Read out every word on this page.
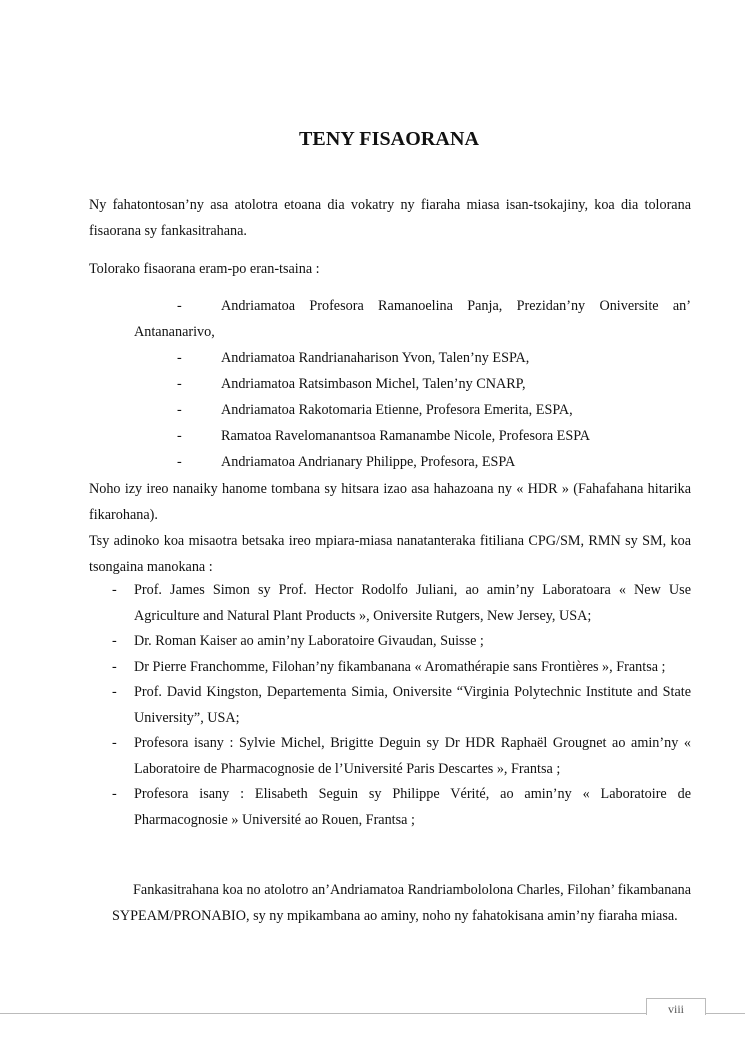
TENY FISAORANA
Ny fahatontosan’ny asa atolotra etoana dia vokatry ny fiaraha miasa isan-tsokajiny, koa dia tolorana fisaorana sy fankasitrahana.
Tolorako fisaorana eram-po eran-tsaina :
-	Andriamatoa Profesora Ramanoelina Panja, Prezidan’ny Oniversite an’
Antananarivo,
-	Andriamatoa Randrianaharison Yvon, Talen’ny ESPA,
-	Andriamatoa Ratsimbason Michel, Talen’ny CNARP,
-	Andriamatoa Rakotomaria Etienne, Profesora Emerita, ESPA,
-	Ramatoa Ravelomanantsoa Ramanambe Nicole, Profesora ESPA
-	Andriamatoa Andrianary Philippe, Profesora, ESPA
Noho izy ireo nanaiky hanome tombana sy hitsara izao asa hahazoana ny « HDR » (Fahafahana hitarika fikarohana).
Tsy adinoko koa misaotra betsaka ireo mpiara-miasa nanatanteraka fitiliana CPG/SM, RMN sy SM, koa tsongaina manokana :
- Prof. James Simon sy Prof. Hector Rodolfo Juliani, ao amin’ny Laboratoara « New Use Agriculture and Natural Plant Products », Oniversite Rutgers, New Jersey, USA;
- Dr. Roman Kaiser ao amin’ny Laboratoire Givaudan, Suisse ;
- Dr Pierre Franchomme, Filohan’ny fikambanana « Aromathérapie sans Frontières », Frantsa ;
- Prof. David Kingston, Departementa Simia, Oniversite “Virginia Polytechnic Institute and State University”, USA;
- Profesora isany : Sylvie Michel, Brigitte Deguin sy Dr HDR Raphaël Grougnet ao amin’ny « Laboratoire de Pharmacognosie de l’Université Paris Descartes », Frantsa ;
- Profesora isany : Elisabeth Seguin sy Philippe Vérité, ao amin’ny « Laboratoire de Pharmacognosie » Université ao Rouen, Frantsa ;
Fankasitrahana koa no atolotro an’Andriamatoa Randriambololona Charles, Filohan’ fikambanana SYPEAM/PRONABIO, sy ny mpikambana ao aminy, noho ny fahatokisana amin’ny fiaraha miasa.
viii
